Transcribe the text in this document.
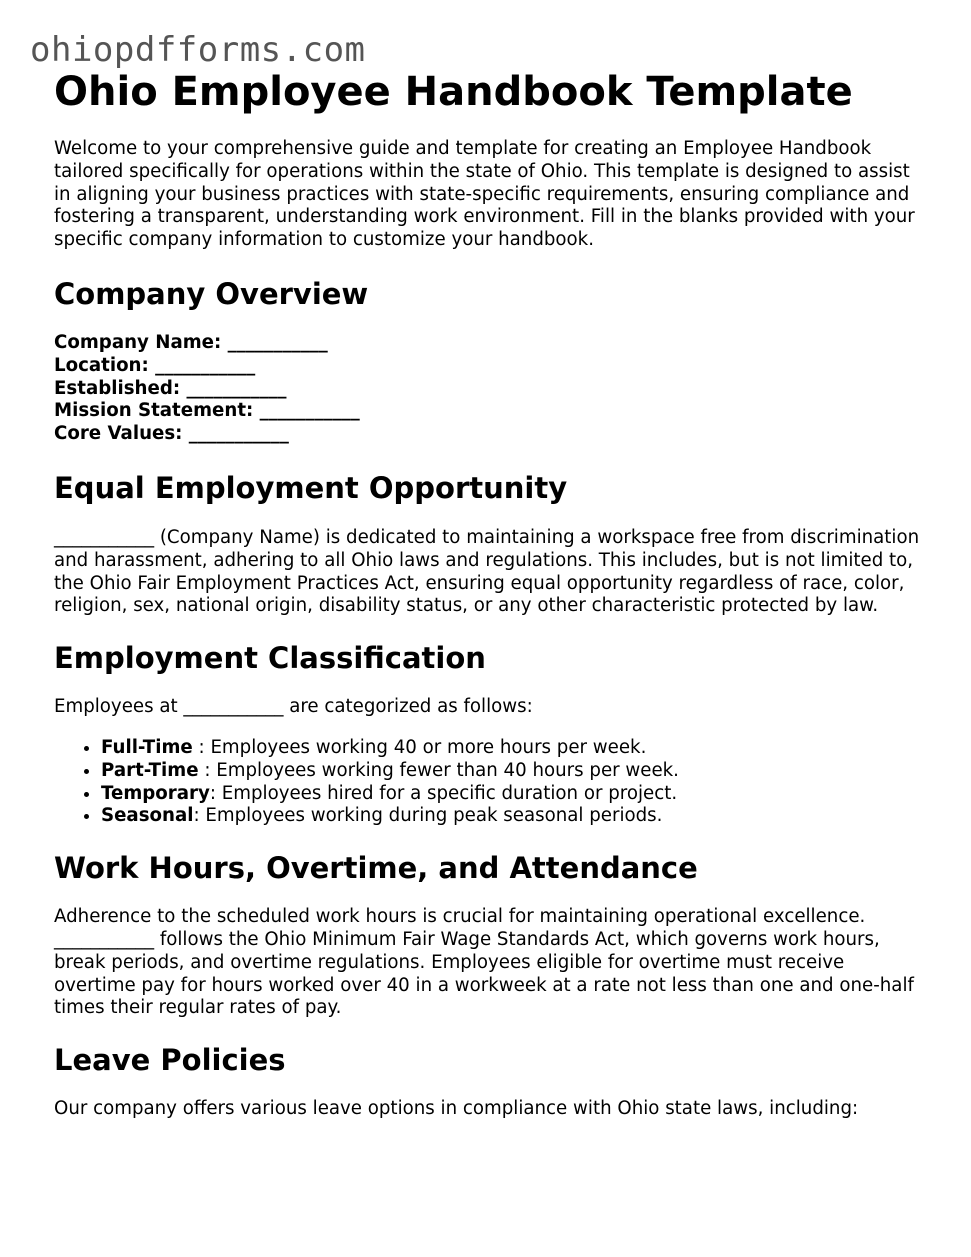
ohiopdfforms.com
Ohio Employee Handbook Template

Welcome to your comprehensive guide and template for creating an Employee Handbook tailored specifically for operations within the state of Ohio. This template is designed to assist in aligning your business practices with state-specific requirements, ensuring compliance and fostering a transparent, understanding work environment. Fill in the blanks provided with your specific company information to customize your handbook.

Company Overview
Company Name: ___________
Location: ___________
Established: ___________
Mission Statement: ___________
Core Values: ___________
Equal Employment Opportunity

___________ (Company Name) is dedicated to maintaining a workspace free from discrimination and harassment, adhering to all Ohio laws and regulations. This includes, but is not limited to, the Ohio Fair Employment Practices Act, ensuring equal opportunity regardless of race, color, religion, sex, national origin, disability status, or any other characteristic protected by law.

Employment Classification

Employees at ___________ are categorized as follows:

• Full-Time : Employees working 40 or more hours per week.
• Part-Time : Employees working fewer than 40 hours per week.
• Temporary: Employees hired for a specific duration or project.
• Seasonal: Employees working during peak seasonal periods.
Work Hours, Overtime, and Attendance

Adherence to the scheduled work hours is crucial for maintaining operational excellence. ___________ follows the Ohio Minimum Fair Wage Standards Act, which governs work hours, break periods, and overtime regulations. Employees eligible for overtime must receive overtime pay for hours worked over 40 in a workweek at a rate not less than one and one-half times their regular rates of pay.

Leave Policies

Our company offers various leave options in compliance with Ohio state laws, including:
